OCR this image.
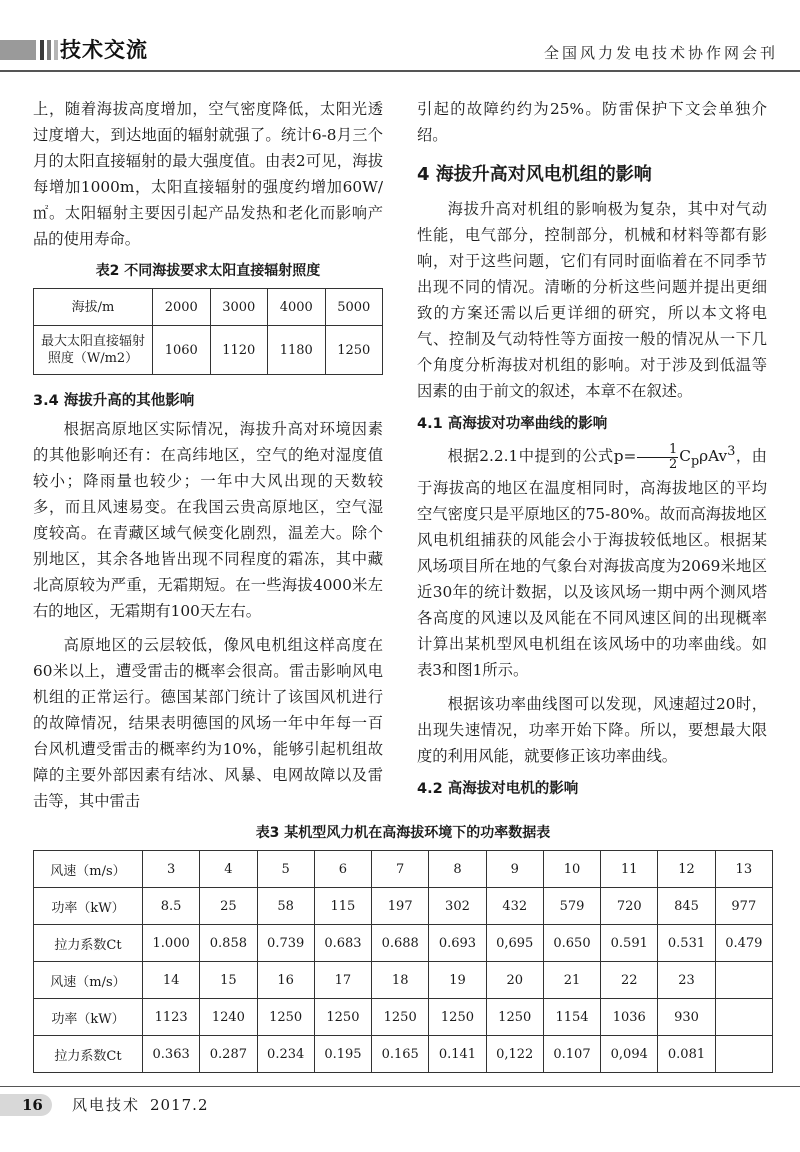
技术交流	全国风力发电技术协作网会刊

上，随着海拔高度增加，空气密度降低，太阳光透过度增大，到达地面的辐射就强了。统计6-8月三个月的太阳直接辐射的最大强度值。由表2可见，海拔每增加1000m，太阳直接辐射的强度约增加60W/㎡。太阳辐射主要因引起产品发热和老化而影响产品的使用寿命。

表2 不同海拔要求太阳直接辐射照度
海拔/m	2000	3000	4000	5000
最大太阳直接辐射照度（W/m2）	1060	1120	1180	1250
3.4 海拔升高的其他影响

根据高原地区实际情况，海拔升高对环境因素的其他影响还有：在高纬地区，空气的绝对湿度值较小；降雨量也较少；一年中大风出现的天数较多，而且风速易变。在我国云贵高原地区，空气湿度较高。在青藏区域气候变化剧烈，温差大。除个别地区，其余各地皆出现不同程度的霜冻，其中藏北高原较为严重，无霜期短。在一些海拔4000米左右的地区，无霜期有100天左右。

高原地区的云层较低，像风电机组这样高度在60米以上，遭受雷击的概率会很高。雷击影响风电机组的正常运行。德国某部门统计了该国风机进行的故障情况，结果表明德国的风场一年中年每一百台风机遭受雷击的概率约为10%，能够引起机组故障的主要外部因素有结冰、风暴、电网故障以及雷击等，其中雷击

引起的故障约约为25%。防雷保护下文会单独介绍。

4 海拔升高对风电机组的影响

海拔升高对机组的影响极为复杂，其中对气动性能，电气部分，控制部分，机械和材料等都有影响，对于这些问题，它们有同时面临着在不同季节出现不同的情况。清晰的分析这些问题并提出更细致的方案还需以后更详细的研究，所以本文将电气、控制及气动特性等方面按一般的情况从一下几个角度分析海拔对机组的影响。对于涉及到低温等因素的由于前文的叙述，本章不在叙述。

4.1 高海拔对功率曲线的影响

根据2.2.1中提到的公式$p= \frac{1}{2} C_p\rho Av^3$，由于海拔高的地区在温度相同时，高海拔地区的平均空气密度只是平原地区的75-80%。故而高海拔地区风电机组捕获的风能会小于海拔较低地区。根据某风场项目所在地的气象台对海拔高度为2069米地区近30年的统计数据，以及该风场一期中两个测风塔各高度的风速以及风能在不同风速区间的出现概率计算出某机型风电机组在该风场中的功率曲线。如表3和图1所示。

根据该功率曲线图可以发现，风速超过20时，出现失速情况，功率开始下降。所以，要想最大限度的利用风能，就要修正该功率曲线。

4.2 高海拔对电机的影响
表3 某机型风力机在高海拔环境下的功率数据表
风速（m/s）	3	4	5	6	7	8	9	10	11	12	13
功率（kW）	8.5	25	58	115	197	302	432	579	720	845	977
拉力系数Ct	1.000	0.858	0.739	0.683	0.688	0.693	0,695	0.650	0.591	0.531	0.479
风速（m/s）	14	15	16	17	18	19	20	21	22	23	
功率（kW）	1123	1240	1250	1250	1250	1250	1250	1154	1036	930	
拉力系数Ct	0.363	0.287	0.234	0.195	0.165	0.141	0,122	0.107	0,094	0.081	
16 风电技术 2017.2
